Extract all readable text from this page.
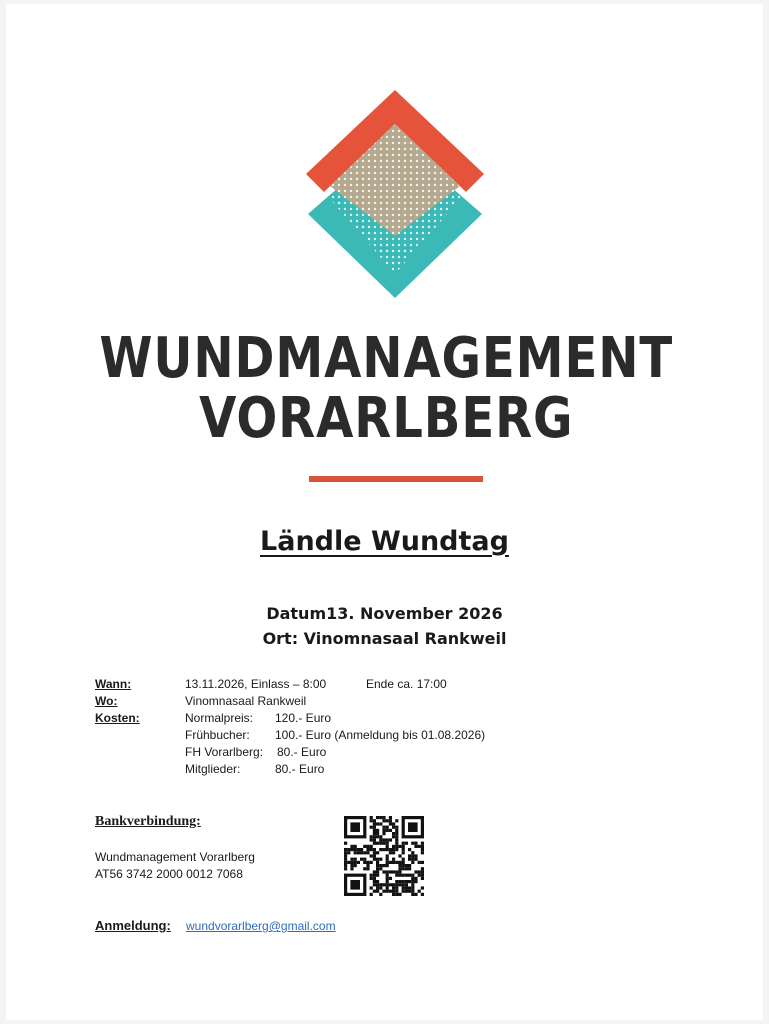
WUNDMANAGEMENT
VORARLBERG
Ländle Wundtag
Datum13. November 2026
Ort: Vinomnasaal Rankweil
Wann:	13.11.2026, Einlass – 8:00	Ende ca. 17:00
Wo:	Vinomnasaal Rankweil
Kosten:	Normalpreis: 120.- Euro
Frühbucher: 100.- Euro (Anmeldung bis 01.08.2026)
FH Vorarlberg: 80.- Euro
Mitglieder:	80.- Euro
Bankverbindung:
Wundmanagement Vorarlberg
AT56 3742 2000 0012 7068
Anmeldung: wundvorarlberg@gmail.com
